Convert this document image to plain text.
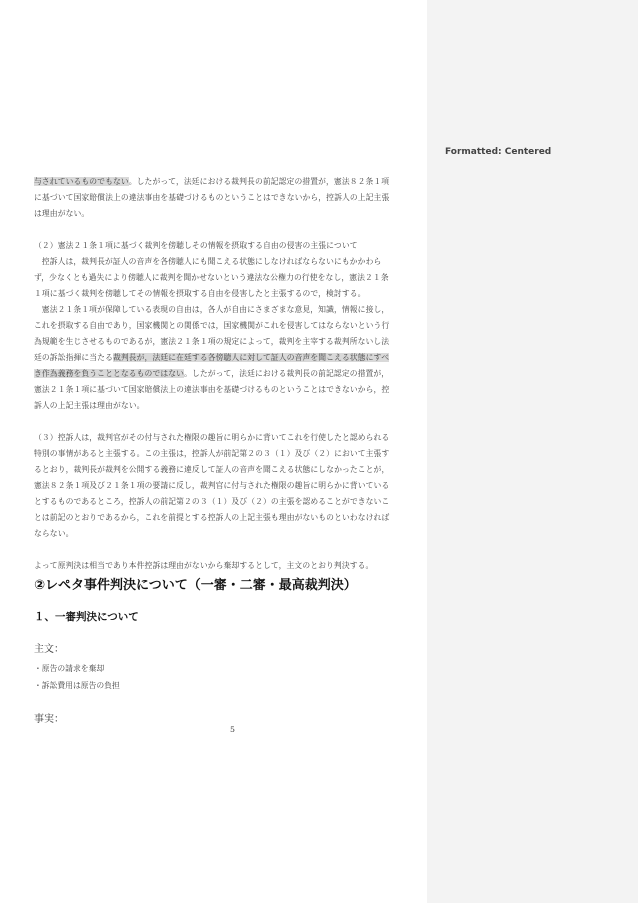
Formatted: Centered

与されているものでもない。したがって，法廷における裁判長の前記認定の措置が，憲法８２条１項に基づいて国家賠償法上の違法事由を基礎づけるものということはできないから，控訴人の上記主張は理由がない。

（２）憲法２１条１項に基づく裁判を傍聴しその情報を摂取する自由の侵害の主張について

控訴人は，裁判長が証人の音声を各傍聴人にも聞こえる状態にしなければならないにもかかわらず，少なくとも過失により傍聴人に裁判を聞かせないという違法な公権力の行使をなし，憲法２１条１項に基づく裁判を傍聴してその情報を摂取する自由を侵害したと主張するので，検討する。

憲法２１条１項が保障している表現の自由は，各人が自由にさまざまな意見，知識，情報に接し，これを摂取する自由であり，国家機関との関係では，国家機関がこれを侵害してはならないという行為規範を生じさせるものであるが，憲法２１条１項の規定によって，裁判を主宰する裁判所ないし法廷の訴訟指揮に当たる裁判長が，法廷に在廷する各傍聴人に対して証人の音声を聞こえる状態にすべき作為義務を負うこととなるものではない。したがって，法廷における裁判長の前記認定の措置が，憲法２１条１項に基づいて国家賠償法上の違法事由を基礎づけるものということはできないから，控訴人の上記主張は理由がない。

（３）控訴人は，裁判官がその付与された権限の趣旨に明らかに背いてこれを行使したと認められる特別の事情があると主張する。この主張は，控訴人が前記第２の３（１）及び（２）において主張するとおり，裁判長が裁判を公開する義務に違反して証人の音声を聞こえる状態にしなかったことが，憲法８２条１項及び２１条１項の要請に反し，裁判官に付与された権限の趣旨に明らかに背いているとするものであるところ，控訴人の前記第２の３（１）及び（２）の主張を認めることができないことは前記のとおりであるから，これを前提とする控訴人の上記主張も理由がないものといわなければならない。

よって原判決は相当であり本件控訴は理由がないから棄却するとして，主文のとおり判決する。

②レペタ事件判決について（一審・二審・最高裁判決）
１、一審判決について
主文：
・原告の請求を棄却
・訴訟費用は原告の負担
事実：
5
